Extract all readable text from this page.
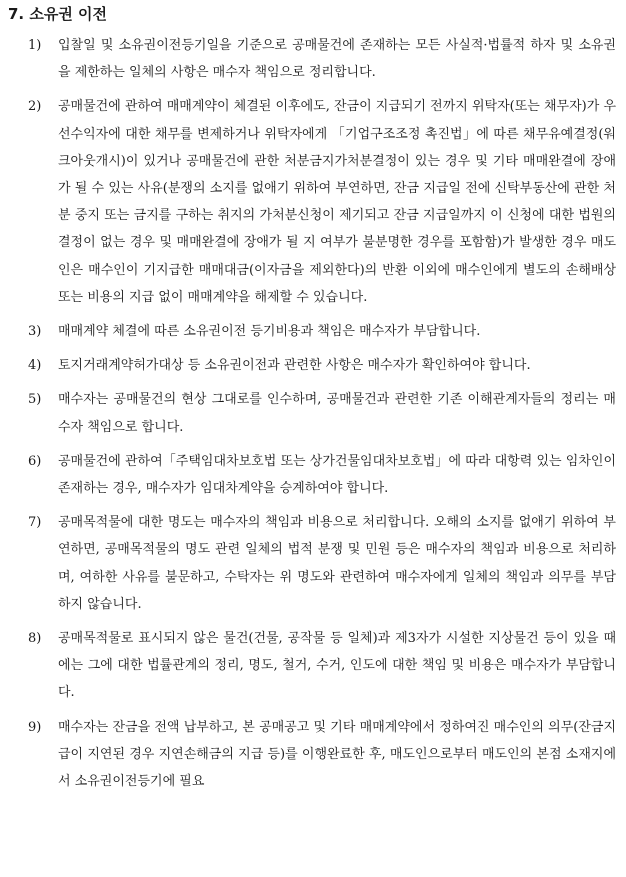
7. 소유권 이전
1)	입찰일 및 소유권이전등기일을 기준으로 공매물건에 존재하는 모든 사실적·법률적 하자 및 소유권을 제한하는 일체의 사항은 매수자 책임으로 정리합니다.
2)	공매물건에 관하여 매매계약이 체결된 이후에도, 잔금이 지급되기 전까지 위탁자(또는 채무자)가 우선수익자에 대한 채무를 변제하거나 위탁자에게 「기업구조조정 촉진법」에 따른 채무유예결정(워크아웃개시)이 있거나 공매물건에 관한 처분금지가처분결정이 있는 경우 및 기타 매매완결에 장애가 될 수 있는 사유(분쟁의 소지를 없애기 위하여 부연하면, 잔금 지급일 전에 신탁부동산에 관한 처분 중지 또는 금지를 구하는 취지의 가처분신청이 제기되고 잔금 지급일까지 이 신청에 대한 법원의 결정이 없는 경우 및 매매완결에 장애가 될 지 여부가 불분명한 경우를 포함함)가 발생한 경우 매도인은 매수인이 기지급한 매매대금(이자금을 제외한다)의 반환 이외에 매수인에게 별도의 손해배상 또는 비용의 지급 없이 매매계약을 해제할 수 있습니다.
3)	매매계약 체결에 따른 소유권이전 등기비용과 책임은 매수자가 부담합니다.
4)	토지거래계약허가대상 등 소유권이전과 관련한 사항은 매수자가 확인하여야 합니다.
5)	매수자는 공매물건의 현상 그대로를 인수하며, 공매물건과 관련한 기존 이해관계자들의 정리는 매수자 책임으로 합니다.
6)	공매물건에 관하여「주택임대차보호법 또는 상가건물임대차보호법」에 따라 대항력 있는 임차인이 존재하는 경우, 매수자가 임대차계약을 승계하여야 합니다.
7)	공매목적물에 대한 명도는 매수자의 책임과 비용으로 처리합니다. 오해의 소지를 없애기 위하여 부연하면, 공매목적물의 명도 관련 일체의 법적 분쟁 및 민원 등은 매수자의 책임과 비용으로 처리하며, 여하한 사유를 불문하고, 수탁자는 위 명도와 관련하여 매수자에게 일체의 책임과 의무를 부담하지 않습니다.
8)	공매목적물로 표시되지 않은 물건(건물, 공작물 등 일체)과 제3자가 시설한 지상물건 등이 있을 때에는 그에 대한 법률관계의 정리, 명도, 철거, 수거, 인도에 대한 책임 및 비용은 매수자가 부담합니다.
9)	매수자는 잔금을 전액 납부하고, 본 공매공고 및 기타 매매계약에서 정하여진 매수인의 의무(잔금지급이 지연된 경우 지연손해금의 지급 등)를 이행완료한 후, 매도인으로부터 매도인의 본점 소재지에서 소유권이전등기에 필요
